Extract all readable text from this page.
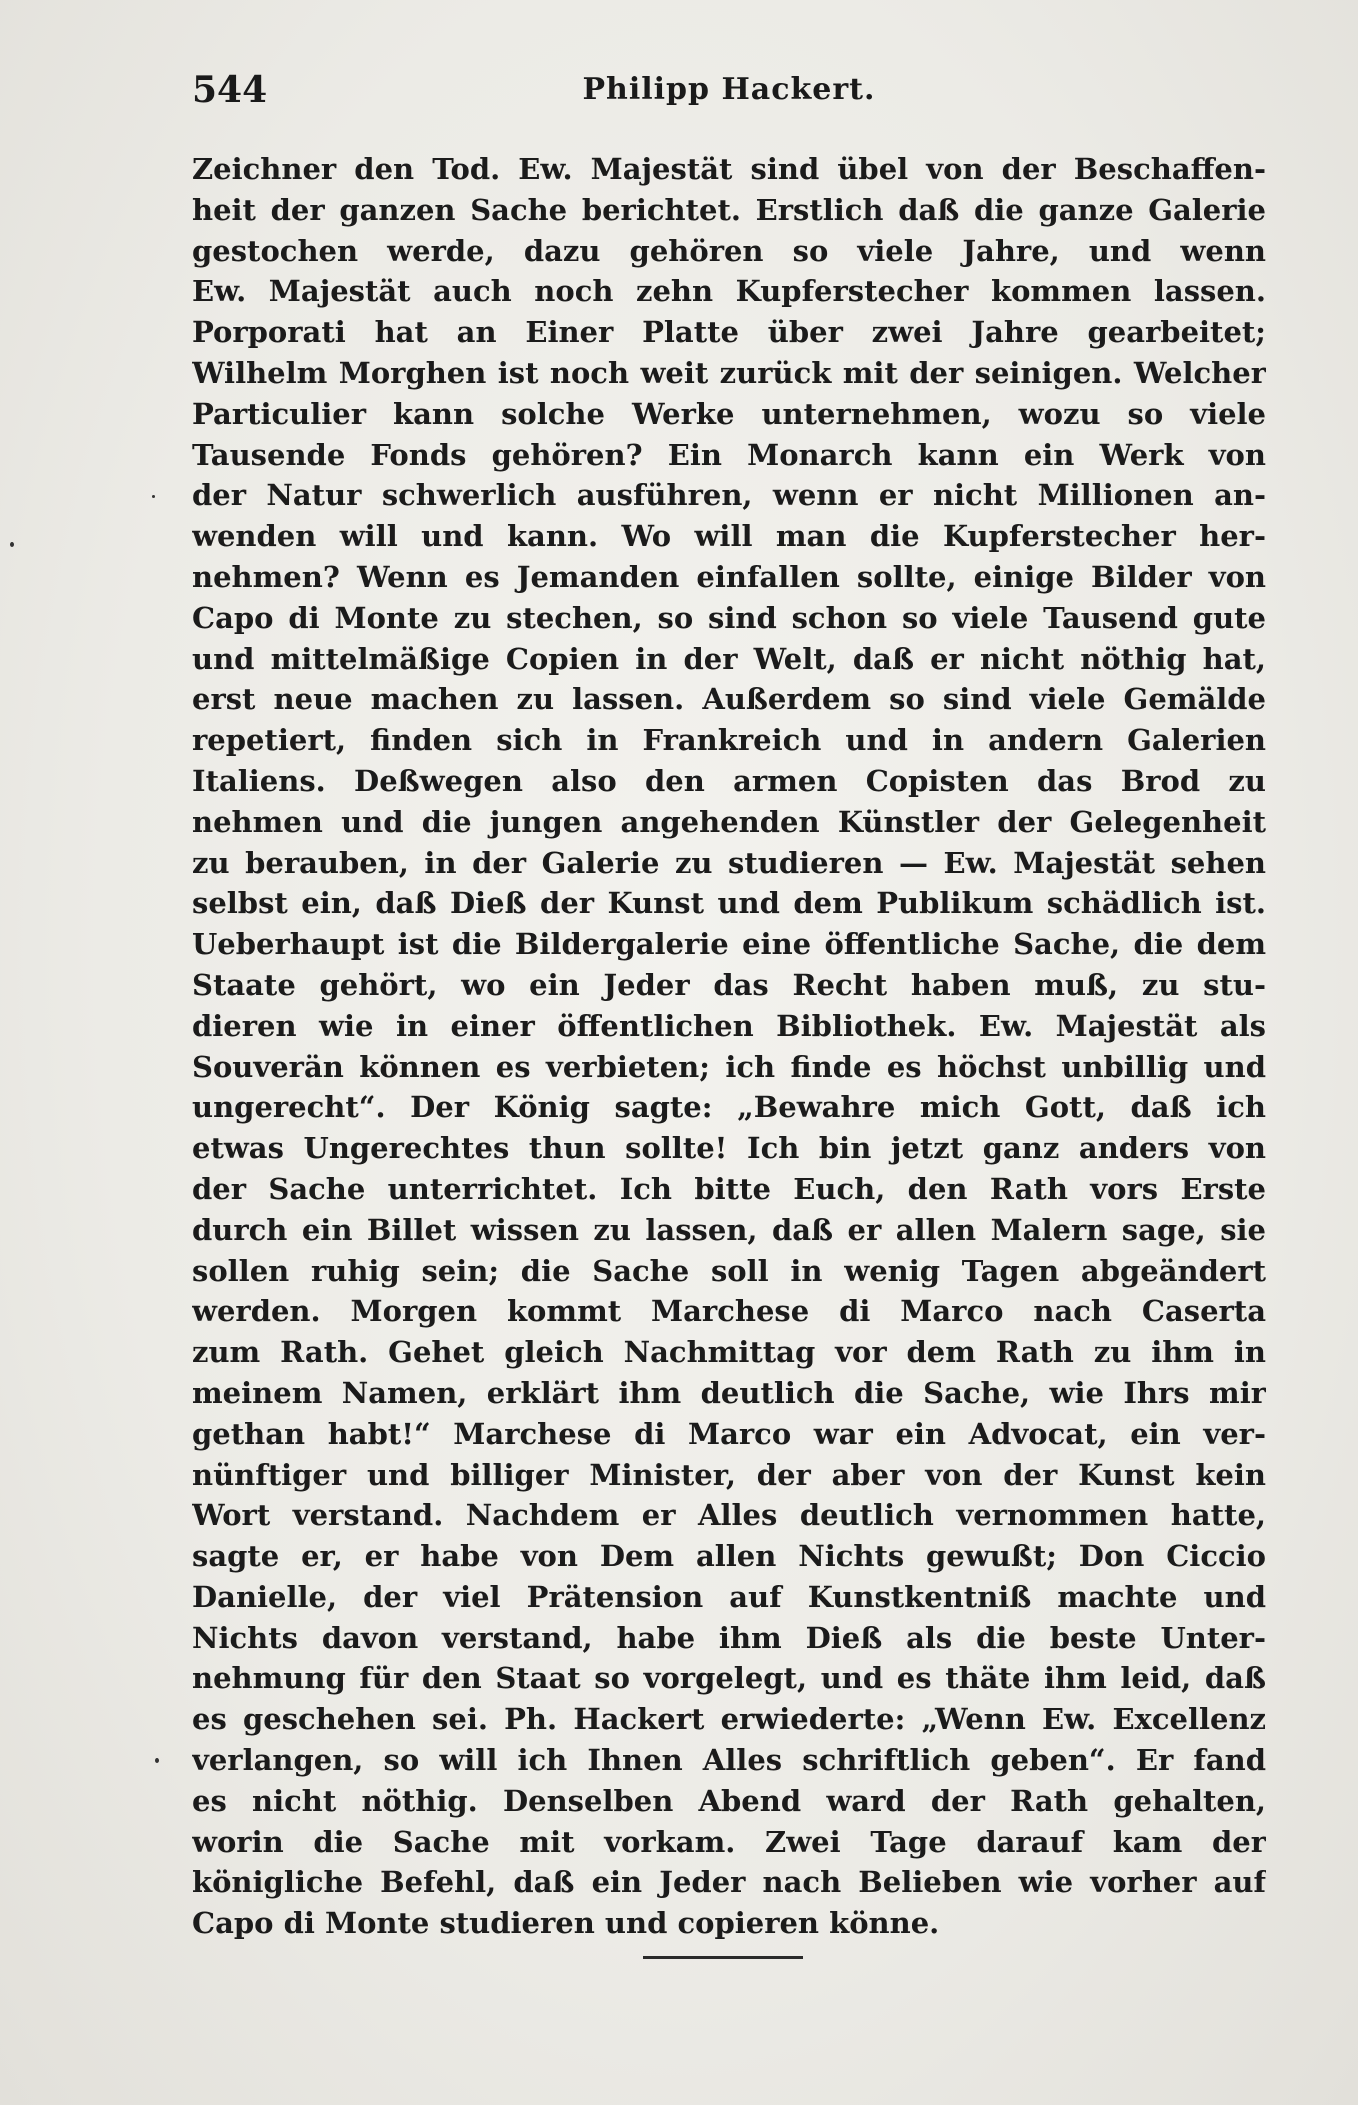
544	Philipp Hackert.
Zeichner den Tod. Ew. Majestät sind übel von der Beschaffen-
heit der ganzen Sache berichtet. Erstlich daß die ganze Galerie
gestochen werde, dazu gehören so viele Jahre, und wenn
Ew. Majestät auch noch zehn Kupferstecher kommen lassen.
Porporati hat an Einer Platte über zwei Jahre gearbeitet;
Wilhelm Morghen ist noch weit zurück mit der seinigen. Welcher
Particulier kann solche Werke unternehmen, wozu so viele
Tausende Fonds gehören? Ein Monarch kann ein Werk von
der Natur schwerlich ausführen, wenn er nicht Millionen an-
wenden will und kann. Wo will man die Kupferstecher her-
nehmen? Wenn es Jemanden einfallen sollte, einige Bilder von
Capo di Monte zu stechen, so sind schon so viele Tausend gute
und mittelmäßige Copien in der Welt, daß er nicht nöthig hat,
erst neue machen zu lassen. Außerdem so sind viele Gemälde
repetiert, finden sich in Frankreich und in andern Galerien
Italiens. Deßwegen also den armen Copisten das Brod zu
nehmen und die jungen angehenden Künstler der Gelegenheit
zu berauben, in der Galerie zu studieren — Ew. Majestät sehen
selbst ein, daß Dieß der Kunst und dem Publikum schädlich ist.
Ueberhaupt ist die Bildergalerie eine öffentliche Sache, die dem
Staate gehört, wo ein Jeder das Recht haben muß, zu stu-
dieren wie in einer öffentlichen Bibliothek. Ew. Majestät als
Souverän können es verbieten; ich finde es höchst unbillig und
ungerecht“. Der König sagte: „Bewahre mich Gott, daß ich
etwas Ungerechtes thun sollte! Ich bin jetzt ganz anders von
der Sache unterrichtet. Ich bitte Euch, den Rath vors Erste
durch ein Billet wissen zu lassen, daß er allen Malern sage, sie
sollen ruhig sein; die Sache soll in wenig Tagen abgeändert
werden. Morgen kommt Marchese di Marco nach Caserta
zum Rath. Gehet gleich Nachmittag vor dem Rath zu ihm in
meinem Namen, erklärt ihm deutlich die Sache, wie Ihrs mir
gethan habt!“ Marchese di Marco war ein Advocat, ein ver-
nünftiger und billiger Minister, der aber von der Kunst kein
Wort verstand. Nachdem er Alles deutlich vernommen hatte,
sagte er, er habe von Dem allen Nichts gewußt; Don Ciccio
Danielle, der viel Prätension auf Kunstkentniß machte und
Nichts davon verstand, habe ihm Dieß als die beste Unter-
nehmung für den Staat so vorgelegt, und es thäte ihm leid, daß
es geschehen sei. Ph. Hackert erwiederte: „Wenn Ew. Excellenz
verlangen, so will ich Ihnen Alles schriftlich geben“. Er fand
es nicht nöthig. Denselben Abend ward der Rath gehalten,
worin die Sache mit vorkam. Zwei Tage darauf kam der
königliche Befehl, daß ein Jeder nach Belieben wie vorher auf
Capo di Monte studieren und copieren könne.
